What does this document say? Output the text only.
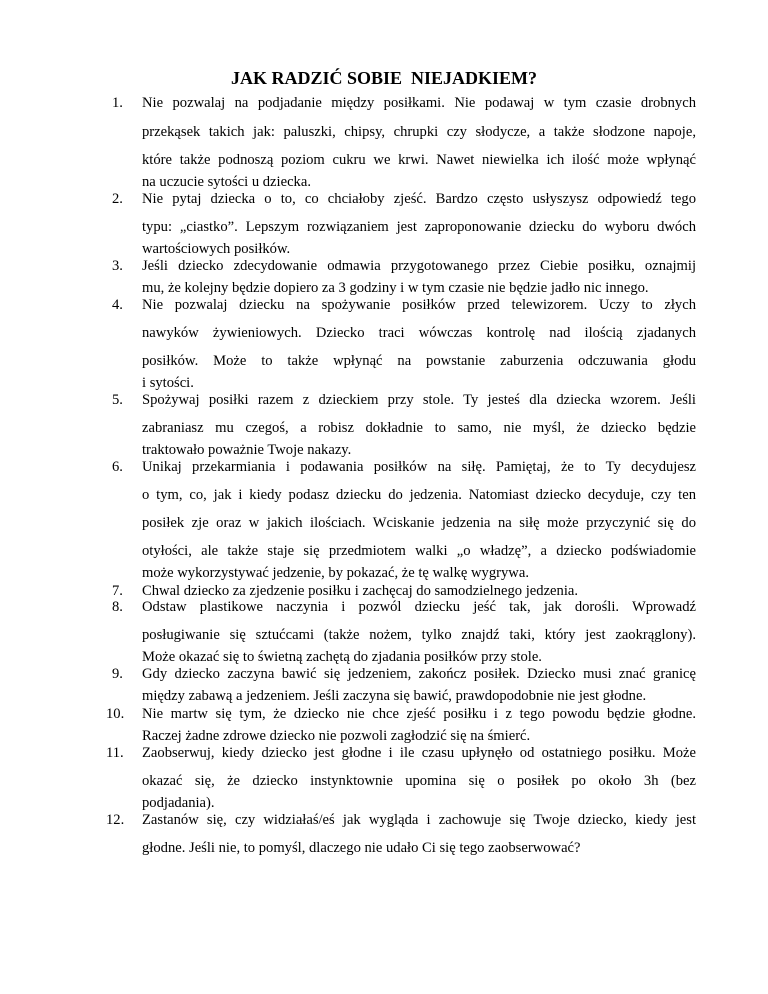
JAK RADZIĆ SOBIE  NIEJADKIEM?
1.	Nie pozwalaj na podjadanie między posiłkami. Nie podawaj w tym czasie drobnych
przekąsek takich jak: paluszki, chipsy, chrupki czy słodycze, a także słodzone napoje,
które także podnoszą poziom cukru we krwi. Nawet niewielka ich ilość może wpłynąć
na uczucie sytości u dziecka.
2.	Nie pytaj dziecka o to, co chciałoby zjeść. Bardzo często usłyszysz odpowiedź tego
typu: „ciastko”. Lepszym rozwiązaniem jest zaproponowanie dziecku do wyboru dwóch
wartościowych posiłków.
3.	Jeśli dziecko zdecydowanie odmawia przygotowanego przez Ciebie posiłku, oznajmij
mu, że kolejny będzie dopiero za 3 godziny i w tym czasie nie będzie jadło nic innego.
4.	Nie pozwalaj dziecku na spożywanie posiłków przed telewizorem. Uczy to złych
nawyków żywieniowych. Dziecko traci wówczas kontrolę nad ilością zjadanych
posiłków. Może to także wpłynąć na powstanie zaburzenia odczuwania głodu
i sytości.
5.	Spożywaj posiłki razem z dzieckiem przy stole. Ty jesteś dla dziecka wzorem. Jeśli
zabraniasz mu czegoś, a robisz dokładnie to samo, nie myśl, że dziecko będzie
traktowało poważnie Twoje nakazy.
6.	Unikaj przekarmiania i podawania posiłków na siłę. Pamiętaj, że to Ty decydujesz
o tym, co, jak i kiedy podasz dziecku do jedzenia. Natomiast dziecko decyduje, czy ten
posiłek zje oraz w jakich ilościach. Wciskanie jedzenia na siłę może przyczynić się do
otyłości, ale także staje się przedmiotem walki „o władzę”, a dziecko podświadomie
może wykorzystywać jedzenie, by pokazać, że tę walkę wygrywa.
7.	Chwal dziecko za zjedzenie posiłku i zachęcaj do samodzielnego jedzenia.
8.	Odstaw plastikowe naczynia i pozwól dziecku jeść tak, jak dorośli. Wprowadź
posługiwanie się sztućcami (także nożem, tylko znajdź taki, który jest zaokrąglony).
Może okazać się to świetną zachętą do zjadania posiłków przy stole.
9.	Gdy dziecko zaczyna bawić się jedzeniem, zakończ posiłek. Dziecko musi znać granicę
między zabawą a jedzeniem. Jeśli zaczyna się bawić, prawdopodobnie nie jest głodne.
10.	Nie martw się tym, że dziecko nie chce zjeść posiłku i z tego powodu będzie głodne.
Raczej żadne zdrowe dziecko nie pozwoli zagłodzić się na śmierć.
11.	Zaobserwuj, kiedy dziecko jest głodne i ile czasu upłynęło od ostatniego posiłku. Może
okazać się, że dziecko instynktownie upomina się o posiłek po około 3h (bez
podjadania).
12.	Zastanów się, czy widziałaś/eś jak wygląda i zachowuje się Twoje dziecko, kiedy jest
głodne. Jeśli nie, to pomyśl, dlaczego nie udało Ci się tego zaobserwować?
